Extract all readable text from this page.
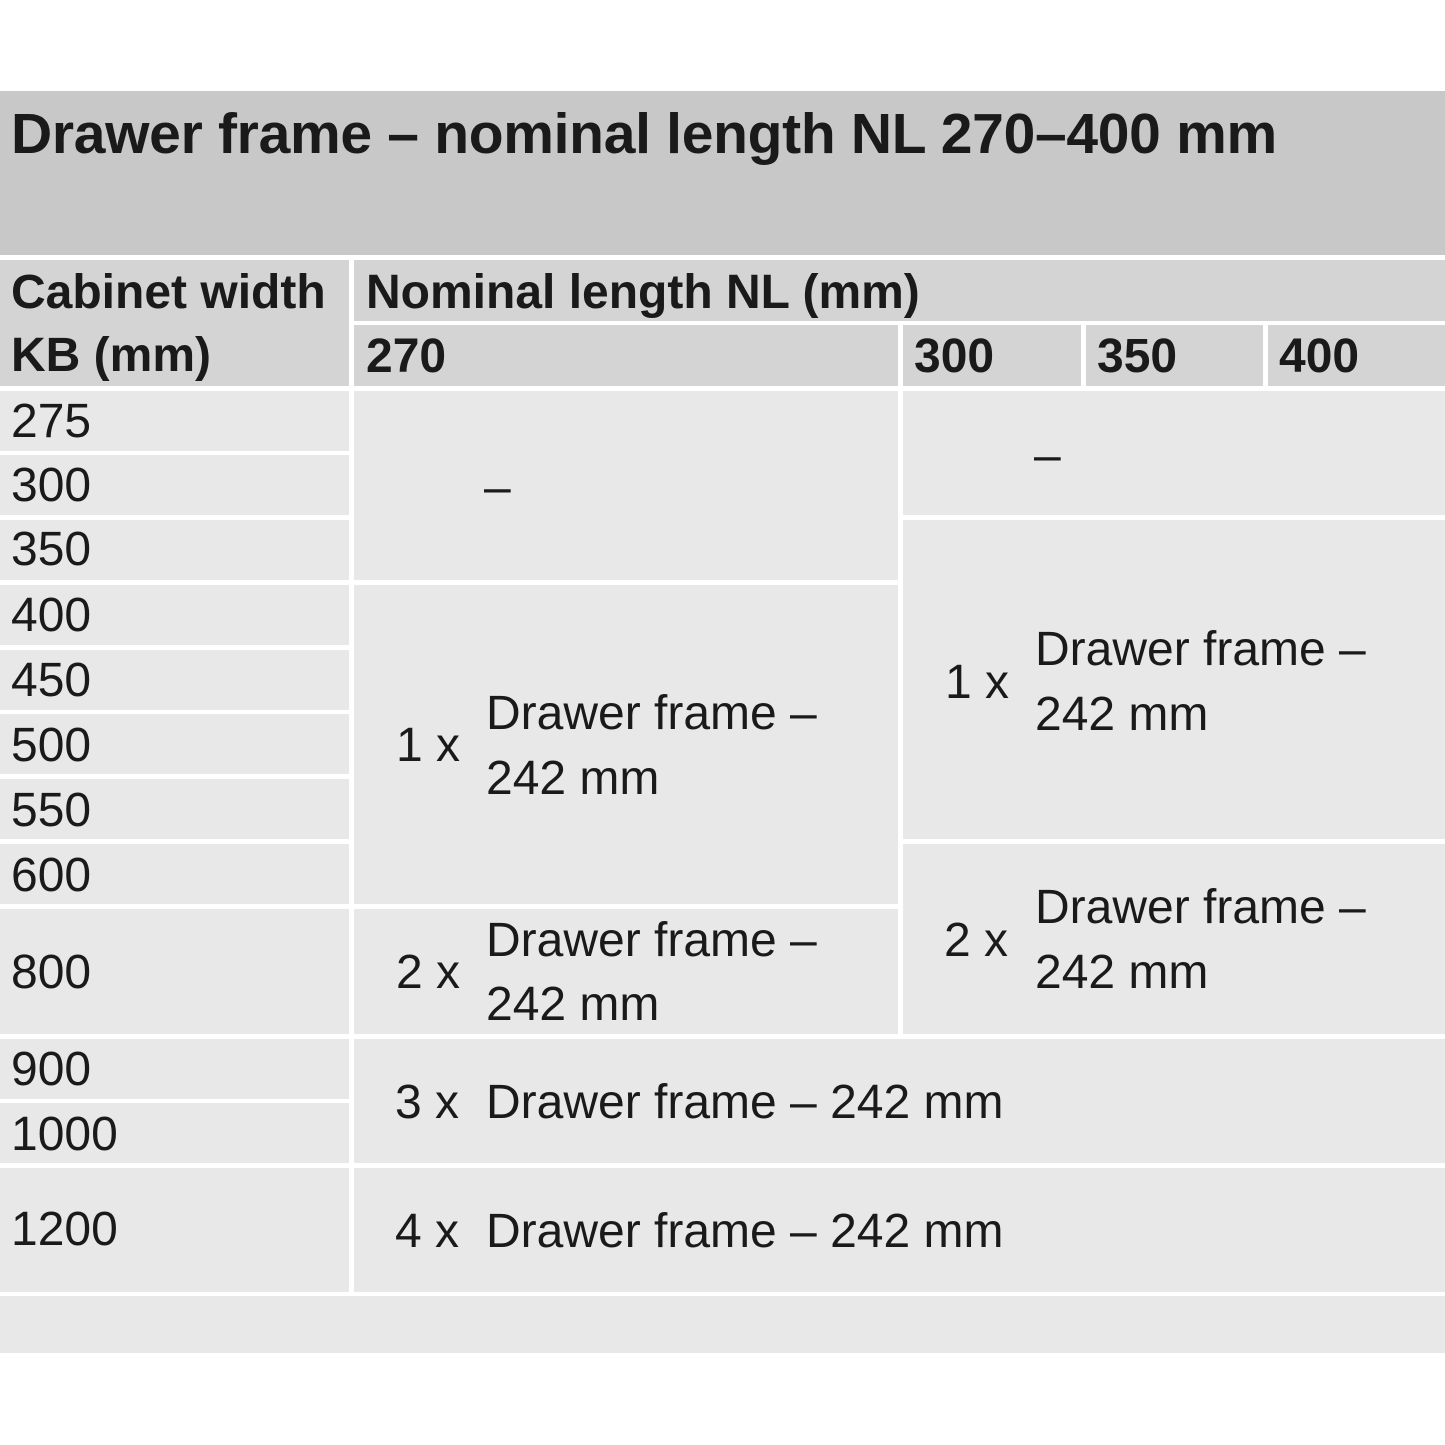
Drawer frame – nominal length NL 270–400 mm
Cabinet width
KB (mm)
Nominal length NL (mm)
270	300 350 400
275
300
350
400
450
500
550
600
800
900
1000
1200
–
1 x
Drawer frame –
242 mm
2 x
Drawer frame –
242 mm
–
1 x
Drawer frame –
242 mm
2 x
Drawer frame –
242 mm
3 x Drawer frame – 242 mm
4 x Drawer frame – 242 mm
